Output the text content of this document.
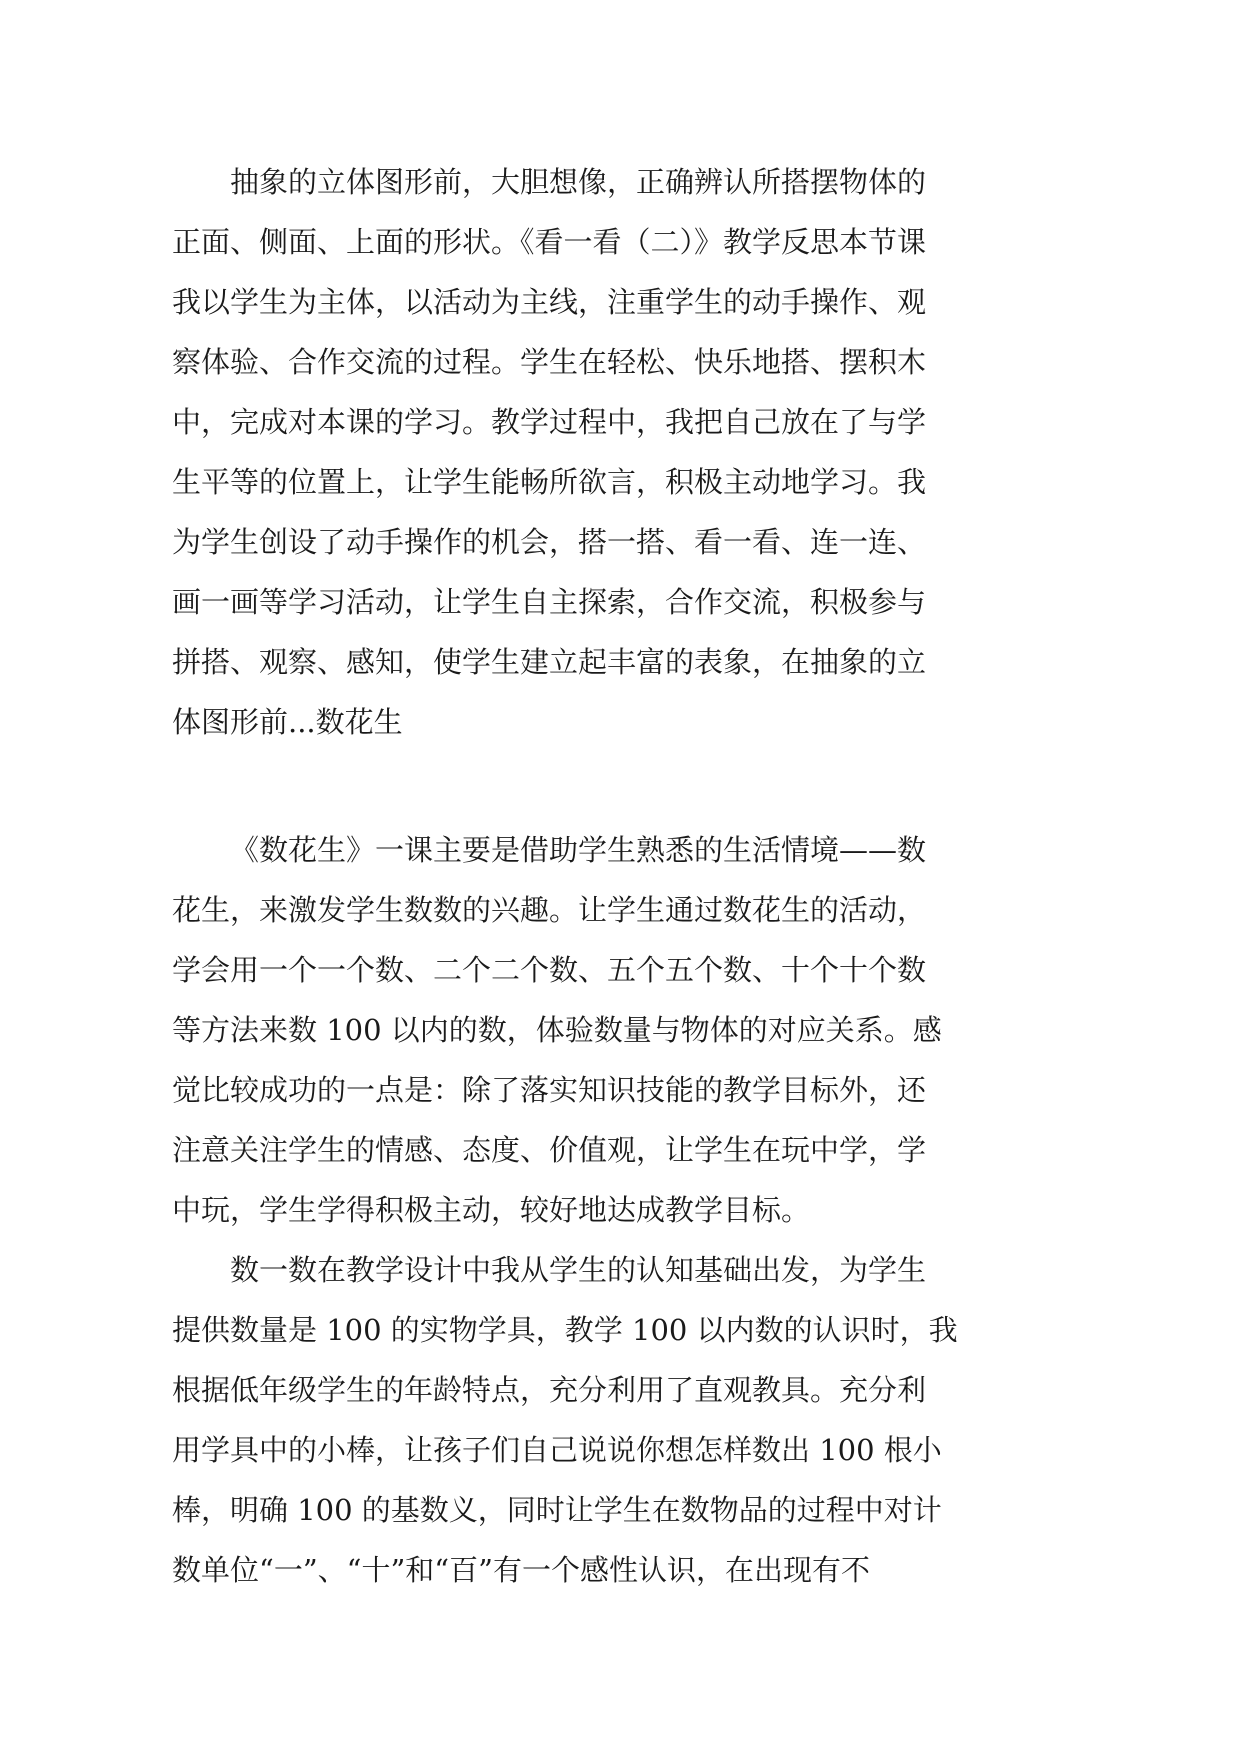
抽象的立体图形前，大胆想像，正确辨认所搭摆物体的

正面、侧面、上面的形状。《看一看（二）》教学反思本节课

我以学生为主体，以活动为主线，注重学生的动手操作、观

察体验、合作交流的过程。学生在轻松、快乐地搭、摆积木

中，完成对本课的学习。教学过程中，我把自己放在了与学

生平等的位置上，让学生能畅所欲言，积极主动地学习。我

为学生创设了动手操作的机会，搭一搭、看一看、连一连、

画一画等学习活动，让学生自主探索，合作交流，积极参与

拼搭、观察、感知，使学生建立起丰富的表象，在抽象的立

体图形前...数花生

《数花生》一课主要是借助学生熟悉的生活情境——数

花生，来激发学生数数的兴趣。让学生通过数花生的活动，

学会用一个一个数、二个二个数、五个五个数、十个十个数

等方法来数 100 以内的数，体验数量与物体的对应关系。感

觉比较成功的一点是：除了落实知识技能的教学目标外，还

注意关注学生的情感、态度、价值观，让学生在玩中学，学

中玩，学生学得积极主动，较好地达成教学目标。

数一数在教学设计中我从学生的认知基础出发，为学生

提供数量是 100 的实物学具，教学 100 以内数的认识时，我

根据低年级学生的年龄特点，充分利用了直观教具。充分利

用学具中的小棒，让孩子们自己说说你想怎样数出 100 根小

棒，明确 100 的基数义，同时让学生在数物品的过程中对计

数单位“一”、“十”和“百”有一个感性认识，在出现有不
